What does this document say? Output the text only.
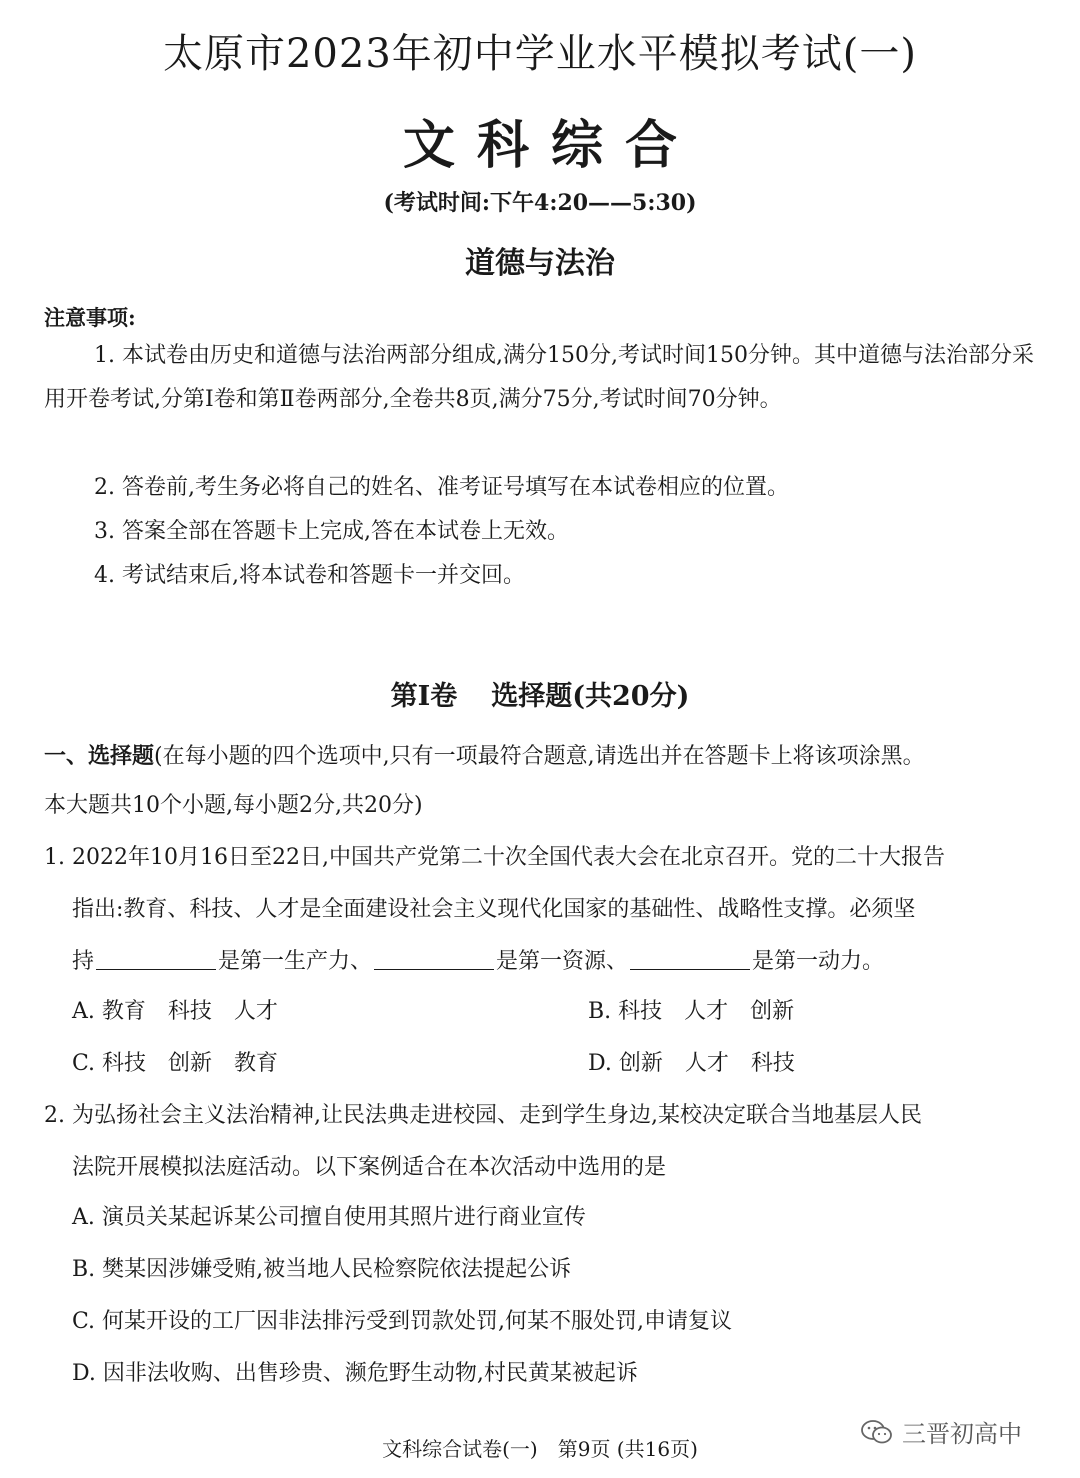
太原市2023年初中学业水平模拟考试(一)
文科综合
(考试时间:下午4:20——5:30)
道德与法治
注意事项:
1. 本试卷由历史和道德与法治两部分组成,满分150分,考试时间150分钟。其中道德与法治部分采用开卷考试,分第Ⅰ卷和第Ⅱ卷两部分,全卷共8页,满分75分,考试时间70分钟。
2. 答卷前,考生务必将自己的姓名、准考证号填写在本试卷相应的位置。
3. 答案全部在答题卡上完成,答在本试卷上无效。
4. 考试结束后,将本试卷和答题卡一并交回。
第Ⅰ卷 选择题(共20分)
一、选择题(在每小题的四个选项中,只有一项最符合题意,请选出并在答题卡上将该项涂黑。
本大题共10个小题,每小题2分,共20分)
1. 2022年10月16日至22日,中国共产党第二十次全国代表大会在北京召开。党的二十大报告
指出:教育、科技、人才是全面建设社会主义现代化国家的基础性、战略性支撑。必须坚
持	是第一生产力、	是第一资源、	是第一动力。
A. 教育　科技　人才	B. 科技　人才　创新
C. 科技　创新　教育	D. 创新　人才　科技
2. 为弘扬社会主义法治精神,让民法典走进校园、走到学生身边,某校决定联合当地基层人民
法院开展模拟法庭活动。以下案例适合在本次活动中选用的是
A. 演员关某起诉某公司擅自使用其照片进行商业宣传
B. 樊某因涉嫌受贿,被当地人民检察院依法提起公诉
C. 何某开设的工厂因非法排污受到罚款处罚,何某不服处罚,申请复议
D. 因非法收购、出售珍贵、濒危野生动物,村民黄某被起诉
三晋初高中
文科综合试卷(一)　第9页 (共16页)
